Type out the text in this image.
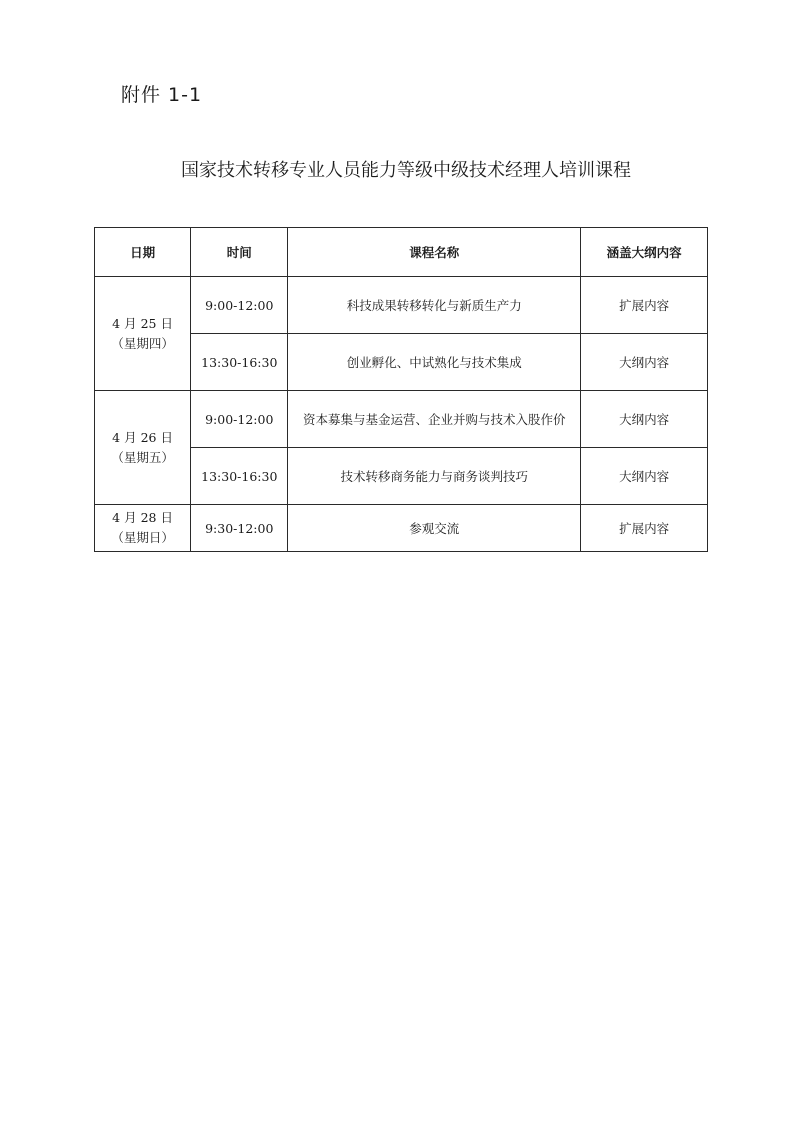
附件 1-1
国家技术转移专业人员能力等级中级技术经理人培训课程
日期	时间	课程名称	涵盖大纲内容

4 月 25 日
（星期四）	9:00-12:00	科技成果转移转化与新质生产力	扩展内容
	13:30-16:30	创业孵化、中试熟化与技术集成	大纲内容

4 月 26 日
（星期五）	9:00-12:00	资本募集与基金运营、企业并购与技术入股作价	大纲内容
	13:30-16:30	技术转移商务能力与商务谈判技巧	大纲内容

4 月 28 日
（星期日）	9:30-12:00	参观交流	扩展内容
